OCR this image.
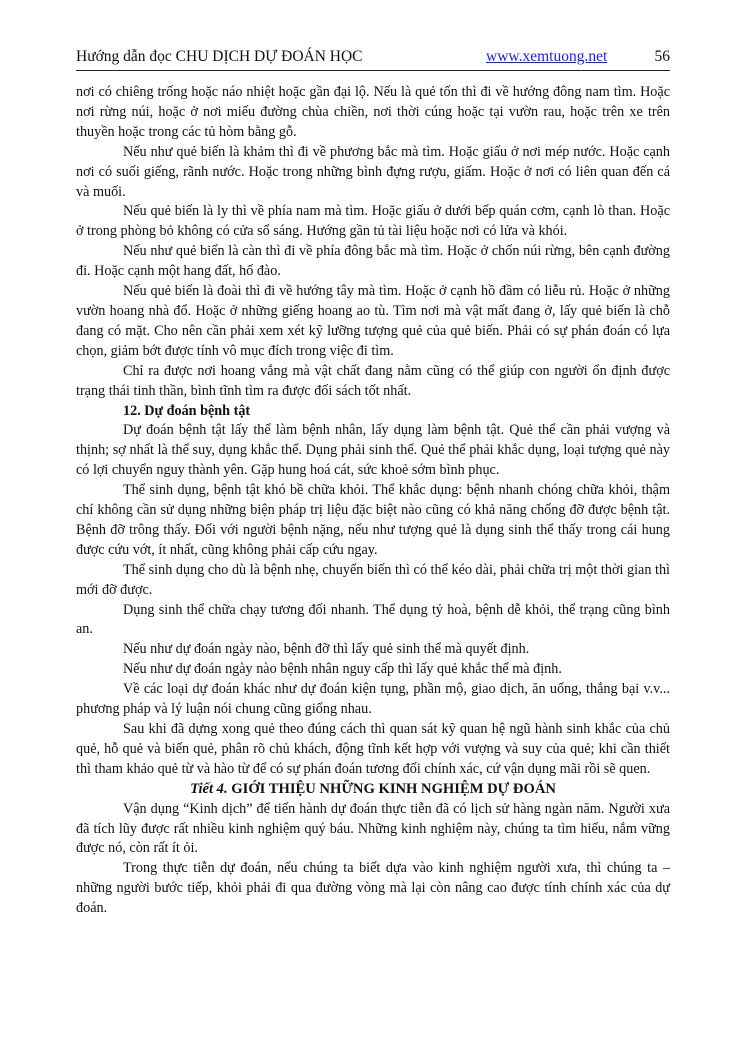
Hướng dẫn đọc CHU DỊCH DỰ ĐOÁN HỌC	www.xemtuong.net	56

nơi có chiêng trống hoặc náo nhiệt hoặc gần đại lộ. Nếu là quẻ tốn thì đi về hướng đông nam tìm. Hoặc nơi rừng núi, hoặc ở nơi miếu đường chùa chiền, nơi thời cúng hoặc tại vườn rau, hoặc trên xe trên thuyền hoặc trong các tủ hòm bằng gỗ.

Nếu như quẻ biến là khảm thì đi về phương bắc mà tìm. Hoặc giấu ở nơi mép nước. Hoặc cạnh nơi có suối giếng, rãnh nước. Hoặc trong những bình đựng rượu, giấm. Hoặc ở nơi có liên quan đến cá và muối.

Nếu quẻ biến là ly thì về phía nam mà tìm. Hoặc giấu ở dưới bếp quán cơm, cạnh lò than. Hoặc ở trong phòng bỏ không có cửa sổ sáng. Hướng gần tủ tài liệu hoặc nơi có lửa và khói.

Nếu như quẻ biến là càn thì đi về phía đông bắc mà tìm. Hoặc ở chốn núi rừng, bên cạnh đường đi. Hoặc cạnh một hang đất, hố đào.

Nếu quẻ biến là đoài thì đi về hướng tây mà tìm. Hoặc ở cạnh hồ đầm có liễu rủ. Hoặc ở những vườn hoang nhà đổ. Hoặc ở những giếng hoang ao tù. Tìm nơi mà vật mất đang ở, lấy quẻ biến là chỗ đang có mặt. Cho nên cần phải xem xét kỹ lưỡng tượng quẻ của quẻ biến. Phải có sự phán đoán có lựa chọn, giảm bớt được tính vô mục đích trong việc đi tìm.

Chỉ ra được nơi hoang vắng mà vật chất đang nằm cũng có thể giúp con người ổn định được trạng thái tinh thần, bình tĩnh tìm ra được đối sách tốt nhất.

12. Dự đoán bệnh tật

Dự đoán bệnh tật lấy thể làm bệnh nhân, lấy dụng làm bệnh tật. Quẻ thể cần phải vượng và thịnh; sợ nhất là thể suy, dụng khắc thể. Dụng phải sinh thể. Quẻ thể phải khắc dụng, loại tượng quẻ này có lợi chuyển nguy thành yên. Gặp hung hoá cát, sức khoẻ sớm bình phục.

Thể sinh dụng, bệnh tật khó bề chữa khỏi. Thể khắc dụng: bệnh nhanh chóng chữa khỏi, thậm chí không cần sử dụng những biện pháp trị liệu đặc biệt nào cũng có khả năng chống đỡ được bệnh tật. Bệnh đỡ trông thấy. Đối với người bệnh nặng, nếu như tượng quẻ là dụng sinh thể thấy trong cái hung được cứu vớt, ít nhất, cũng không phải cấp cứu ngay.

Thể sinh dụng cho dù là bệnh nhẹ, chuyển biến thì có thể kéo dài, phải chữa trị một thời gian thì mới đỡ được.

Dụng sinh thể chữa chạy tương đối nhanh. Thể dụng tỷ hoà, bệnh dễ khỏi, thể trạng cũng bình an.

Nếu như dự đoán ngày nào, bệnh đỡ thì lấy quẻ sinh thể mà quyết định.

Nếu như dự đoán ngày nào bệnh nhân nguy cấp thì lấy quẻ khắc thể mà định.

Về các loại dự đoán khác như dự đoán kiện tụng, phần mộ, giao dịch, ăn uống, thắng bại v.v... phương pháp và lý luận nói chung cũng giống nhau.

Sau khi đã dựng xong quẻ theo đúng cách thì quan sát kỹ quan hệ ngũ hành sinh khắc của chủ quẻ, hỗ quẻ và biến quẻ, phân rõ chủ khách, động tĩnh kết hợp với vượng và suy của quẻ; khi cần thiết thì tham khảo quẻ từ và hào từ để có sự phán đoán tương đối chính xác, cứ vận dụng mãi rồi sẽ quen.

Tiết 4. GIỚI THIỆU NHỮNG KINH NGHIỆM DỰ ĐOÁN

Vận dụng “Kinh dịch” để tiến hành dự đoán thực tiễn đã có lịch sử hàng ngàn năm. Người xưa đã tích lũy được rất nhiều kinh nghiệm quý báu. Những kinh nghiệm này, chúng ta tìm hiểu, nắm vững được nó, còn rất ít ỏi.

Trong thực tiễn dự đoán, nếu chúng ta biết dựa vào kinh nghiệm người xưa, thì chúng ta – những người bước tiếp, khỏi phải đi qua đường vòng mà lại còn nâng cao được tính chính xác của dự đoán.
